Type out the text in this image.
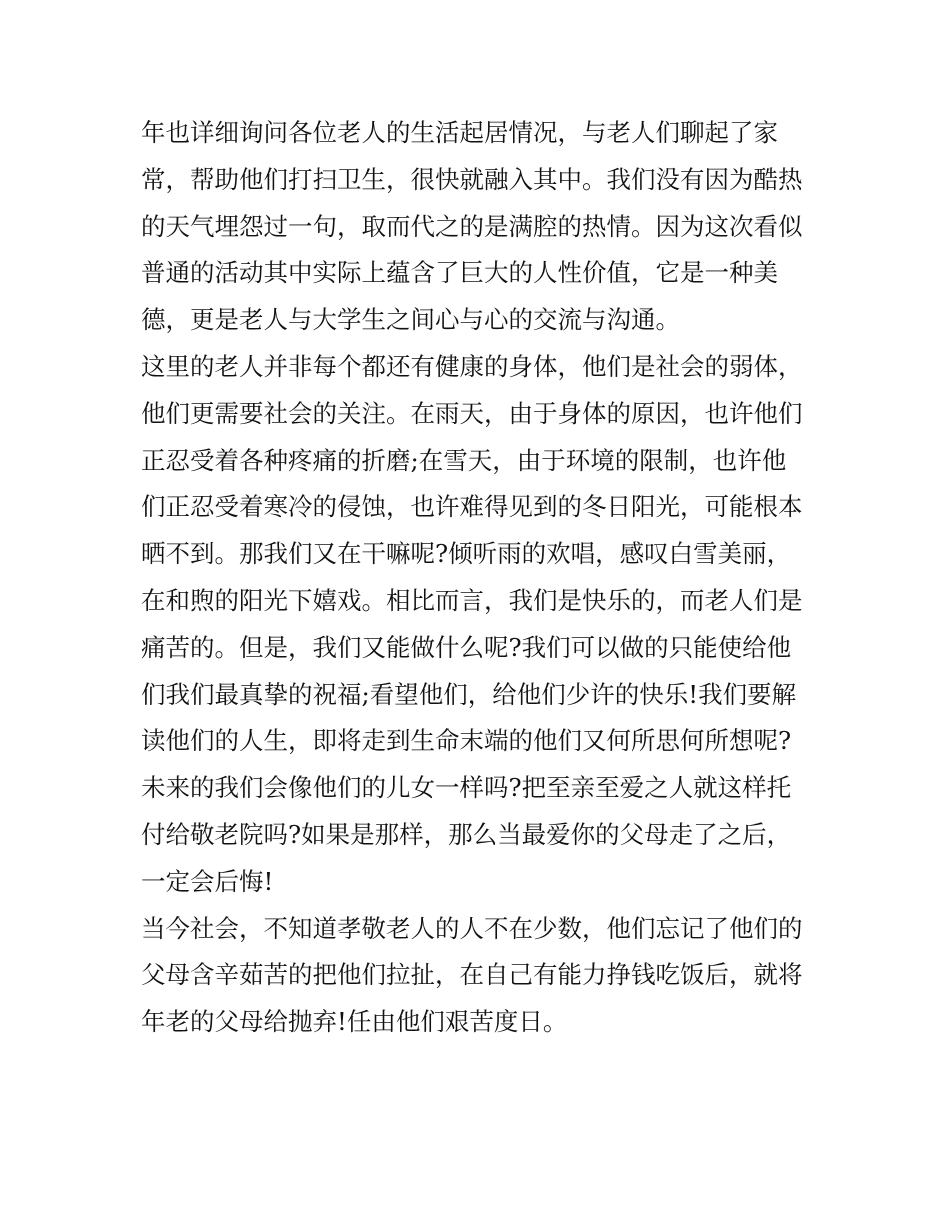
年也详细询问各位老人的生活起居情况，与老人们聊起了家
常，帮助他们打扫卫生，很快就融入其中。我们没有因为酷热
的天气埋怨过一句，取而代之的是满腔的热情。因为这次看似
普通的活动其中实际上蕴含了巨大的人性价值，它是一种美
德，更是老人与大学生之间心与心的交流与沟通。
这里的老人并非每个都还有健康的身体，他们是社会的弱体，
他们更需要社会的关注。在雨天，由于身体的原因，也许他们
正忍受着各种疼痛的折磨;在雪天，由于环境的限制，也许他
们正忍受着寒冷的侵蚀，也许难得见到的冬日阳光，可能根本
晒不到。那我们又在干嘛呢?倾听雨的欢唱，感叹白雪美丽，
在和煦的阳光下嬉戏。相比而言，我们是快乐的，而老人们是
痛苦的。但是，我们又能做什么呢?我们可以做的只能使给他
们我们最真挚的祝福;看望他们，给他们少许的快乐!我们要解
读他们的人生，即将走到生命末端的他们又何所思何所想呢?
未来的我们会像他们的儿女一样吗?把至亲至爱之人就这样托
付给敬老院吗?如果是那样，那么当最爱你的父母走了之后，
一定会后悔!
当今社会，不知道孝敬老人的人不在少数，他们忘记了他们的
父母含辛茹苦的把他们拉扯，在自己有能力挣钱吃饭后，就将
年老的父母给抛弃!任由他们艰苦度日。
